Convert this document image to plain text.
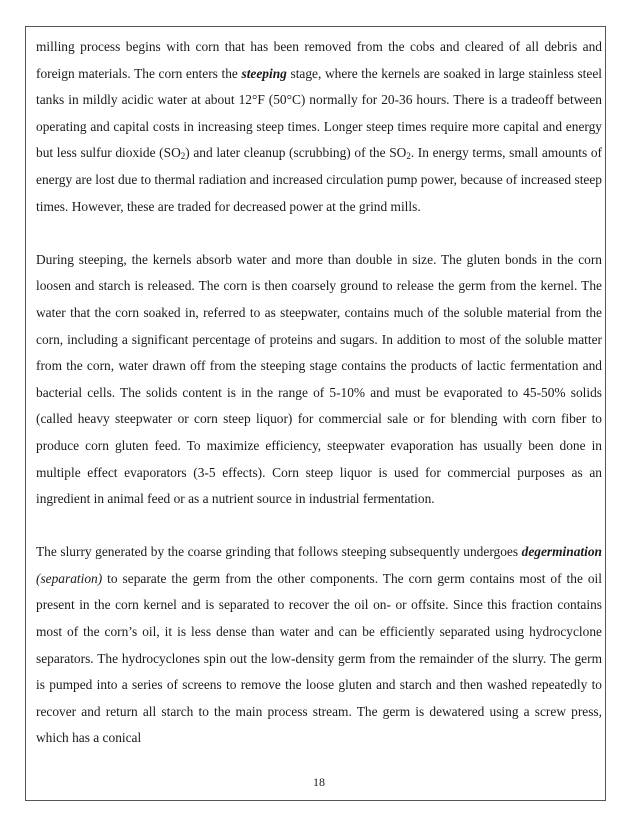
milling process begins with corn that has been removed from the cobs and cleared of all debris and foreign materials. The corn enters the steeping stage, where the kernels are soaked in large stainless steel tanks in mildly acidic water at about 12°F (50°C) normally for 20-36 hours. There is a tradeoff between operating and capital costs in increasing steep times. Longer steep times require more capital and energy but less sulfur dioxide $(SO_2)$ and later cleanup (scrubbing) of the $SO_2$. In energy terms, small amounts of energy are lost due to thermal radiation and increased circulation pump power, because of increased steep times. However, these are traded for decreased power at the grind mills.

During steeping, the kernels absorb water and more than double in size. The gluten bonds in the corn loosen and starch is released. The corn is then coarsely ground to release the germ from the kernel. The water that the corn soaked in, referred to as steepwater, contains much of the soluble material from the corn, including a significant percentage of proteins and sugars. In addition to most of the soluble matter from the corn, water drawn off from the steeping stage contains the products of lactic fermentation and bacterial cells. The solids content is in the range of 5-10% and must be evaporated to 45-50% solids (called heavy steepwater or corn steep liquor) for commercial sale or for blending with corn fiber to produce corn gluten feed. To maximize efficiency, steepwater evaporation has usually been done in multiple effect evaporators (3-5 effects). Corn steep liquor is used for commercial purposes as an ingredient in animal feed or as a nutrient source in industrial fermentation.

The slurry generated by the coarse grinding that follows steeping subsequently undergoes degermination (separation) to separate the germ from the other components. The corn germ contains most of the oil present in the corn kernel and is separated to recover the oil on- or offsite. Since this fraction contains most of the corn’s oil, it is less dense than water and can be efficiently separated using hydrocyclone separators. The hydrocyclones spin out the low-density germ from the remainder of the slurry. The germ is pumped into a series of screens to remove the loose gluten and starch and then washed repeatedly to recover and return all starch to the main process stream. The germ is dewatered using a screw press, which has a conical

18
